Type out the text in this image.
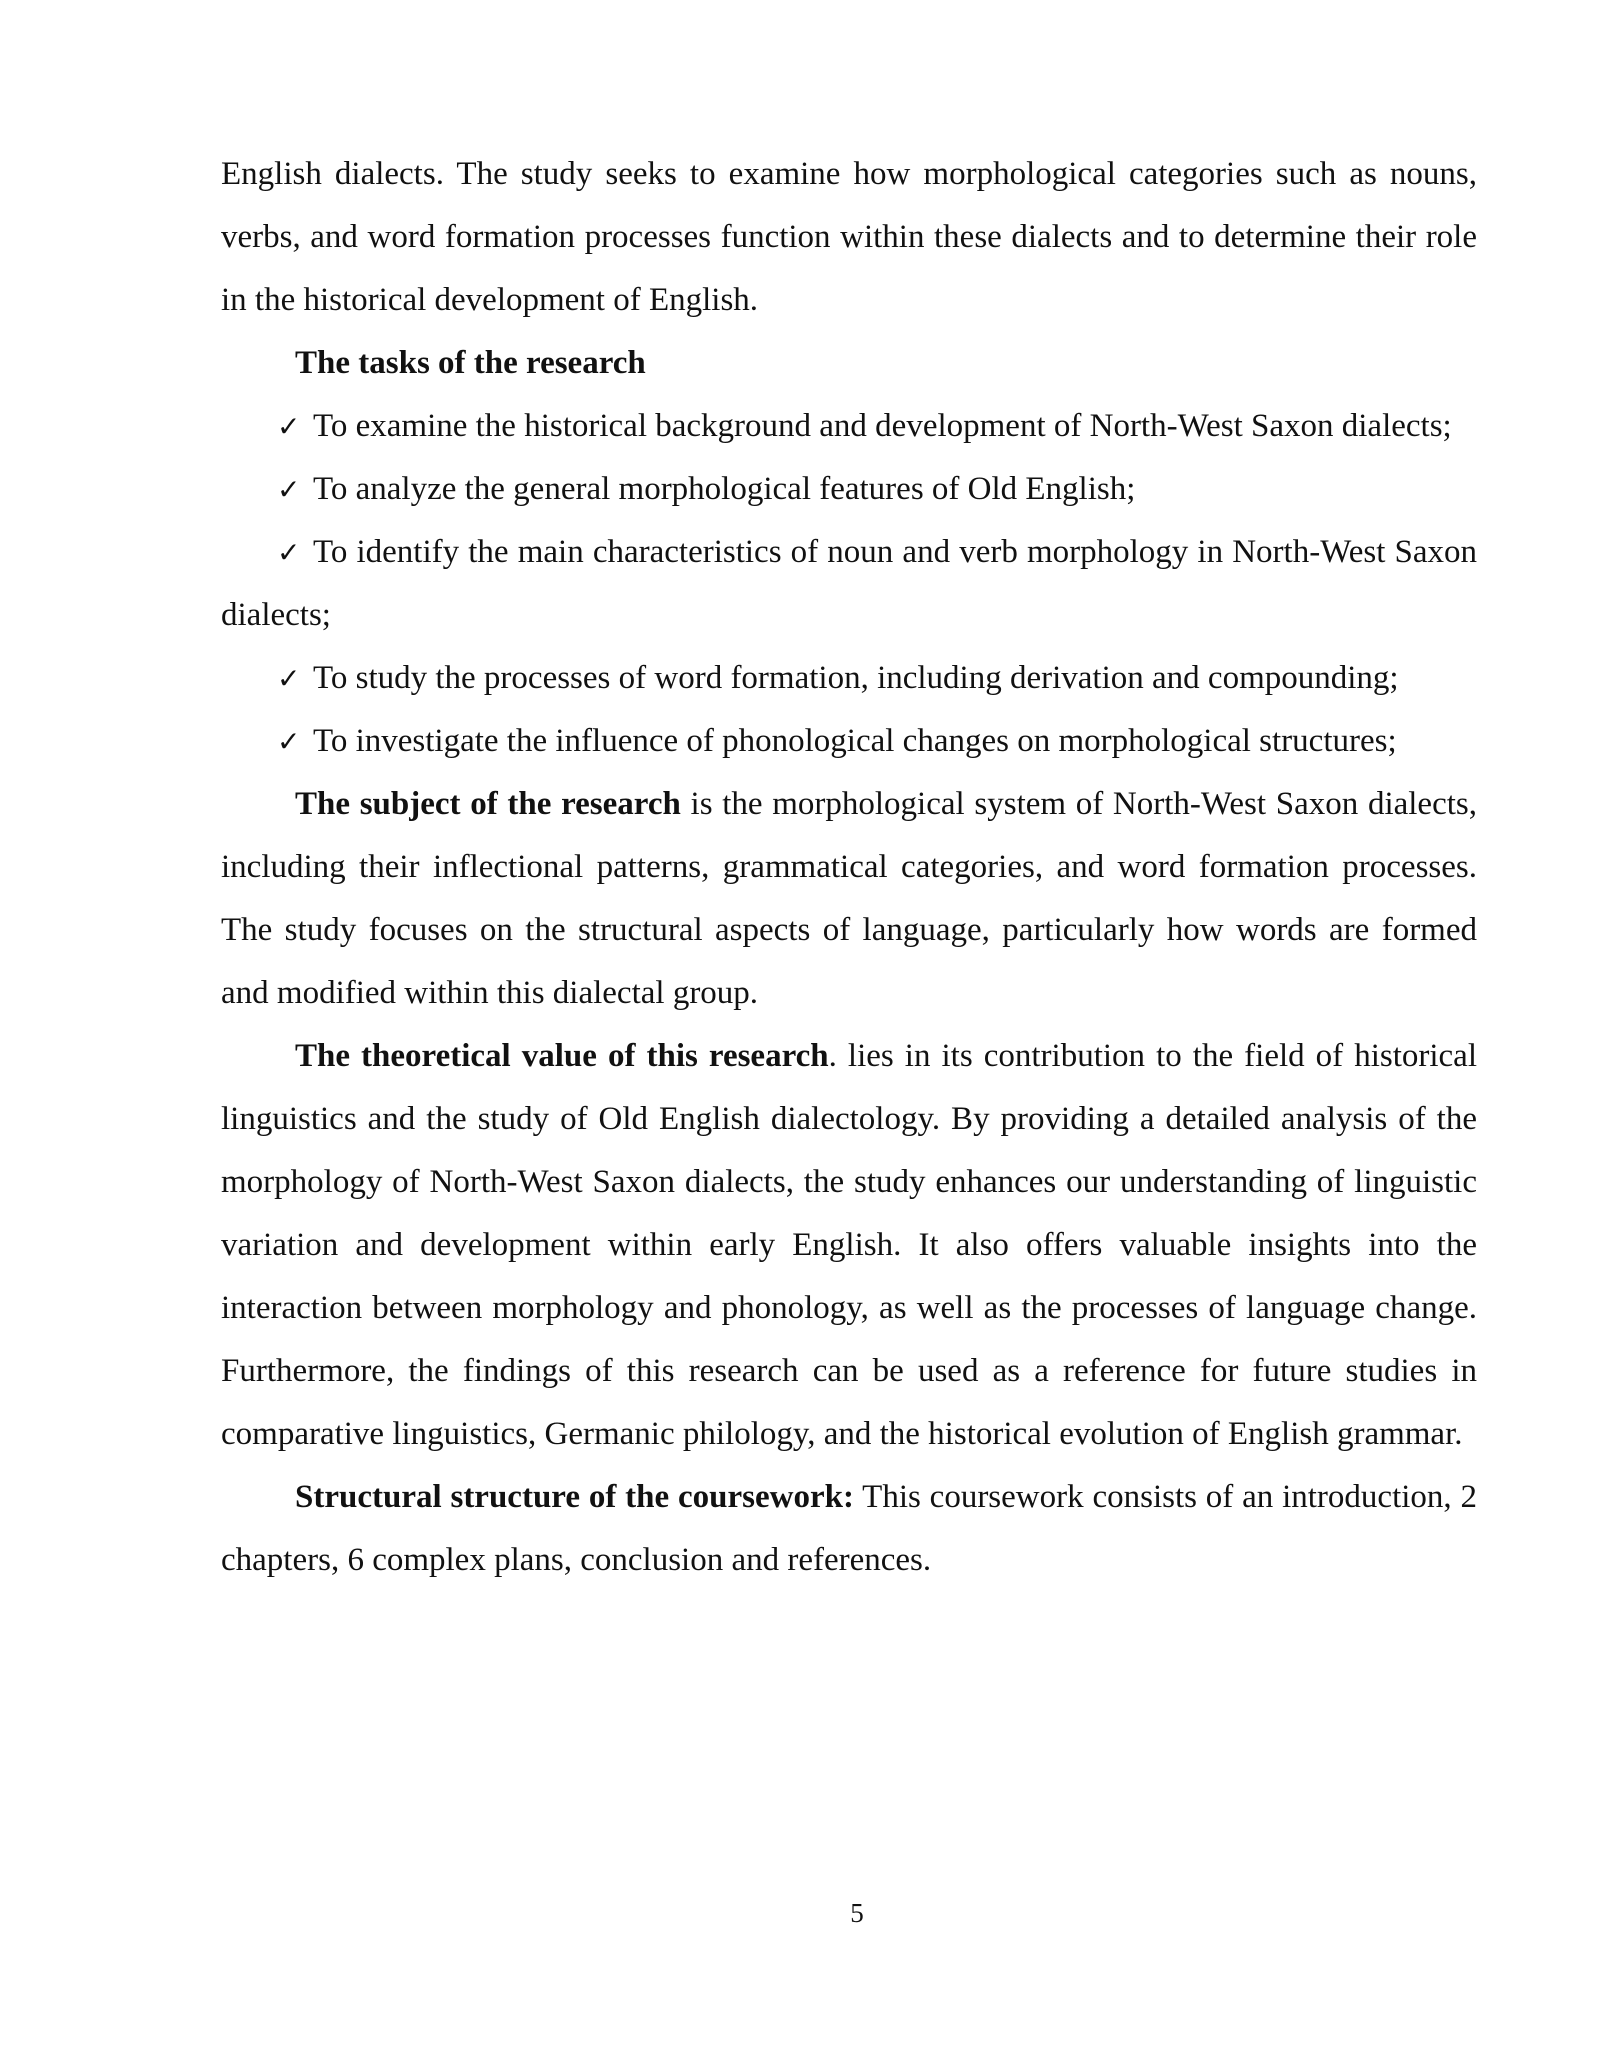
English dialects. The study seeks to examine how morphological categories such as nouns, verbs, and word formation processes function within these dialects and to determine their role in the historical development of English.

The tasks of the research

✓ To examine the historical background and development of North-West Saxon dialects;

✓ To analyze the general morphological features of Old English;

✓ To identify the main characteristics of noun and verb morphology in North-West Saxon dialects;

✓ To study the processes of word formation, including derivation and compounding;

✓ To investigate the influence of phonological changes on morphological structures;

The subject of the research is the morphological system of North-West Saxon dialects, including their inflectional patterns, grammatical categories, and word formation processes. The study focuses on the structural aspects of language, particularly how words are formed and modified within this dialectal group.

The theoretical value of this research. lies in its contribution to the field of historical linguistics and the study of Old English dialectology. By providing a detailed analysis of the morphology of North-West Saxon dialects, the study enhances our understanding of linguistic variation and development within early English. It also offers valuable insights into the interaction between morphology and phonology, as well as the processes of language change. Furthermore, the findings of this research can be used as a reference for future studies in comparative linguistics, Germanic philology, and the historical evolution of English grammar.

Structural structure of the coursework: This coursework consists of an introduction, 2 chapters, 6 complex plans, conclusion and references.

5
